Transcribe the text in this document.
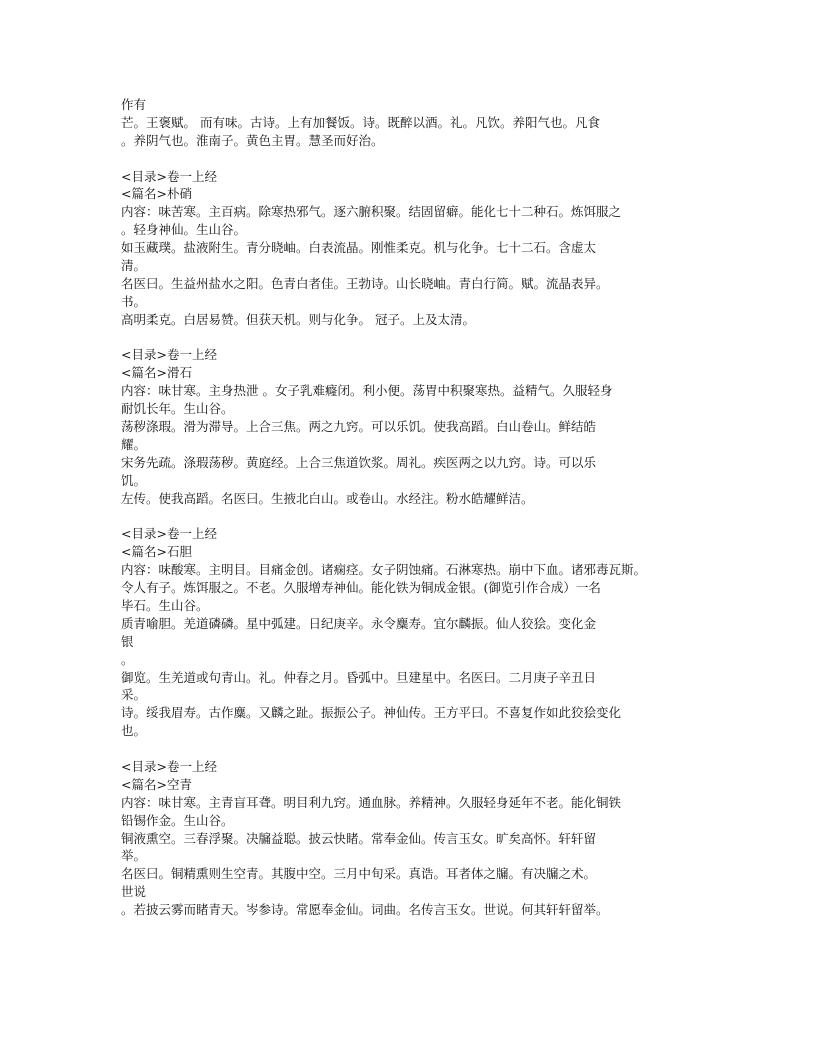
作有
芒。王褒赋。 而有味。古诗。上有加餐饭。诗。既醉以酒。礼。凡饮。养阳气也。凡食
。养阴气也。淮南子。黄色主胃。慧圣而好治。
<目录>卷一上经
<篇名>朴硝
内容：味苦寒。主百病。除寒热邪气。逐六腑积聚。结固留癖。能化七十二种石。炼饵服之
。轻身神仙。生山谷。
如玉藏璞。盐液附生。青分晓岫。白表流晶。刚惟柔克。机与化争。七十二石。含虚太
清。
名医曰。生益州盐水之阳。色青白者佳。王勃诗。山长晓岫。青白行简。赋。流晶表异。
书。
高明柔克。白居易赞。但获天机。则与化争。 冠子。上及太清。
<目录>卷一上经
<篇名>滑石
内容：味甘寒。主身热泄 。女子乳难癃闭。利小便。荡胃中积聚寒热。益精气。久服轻身
耐饥长年。生山谷。
荡秽涤瑕。滑为滞导。上合三焦。两之九窍。可以乐饥。使我高蹈。白山卷山。鲜结皓
耀。
宋务先疏。涤瑕荡秽。黄庭经。上合三焦道饮浆。周礼。疾医两之以九窍。诗。可以乐
饥。
左传。使我高蹈。名医曰。生掖北白山。或卷山。水经注。粉水皓耀鲜洁。
<目录>卷一上经
<篇名>石胆
内容：味酸寒。主明目。目痛金创。诸痫痉。女子阴蚀痛。石淋寒热。崩中下血。诸邪毒瓦斯。
令人有子。炼饵服之。不老。久服增寿神仙。能化铁为铜成金银。(御览引作合成）一名
毕石。生山谷。
质青喻胆。羌道磷磷。星中弧建。日纪庚辛。永令麋寿。宜尔麟振。仙人狡狯。变化金
银
。
御览。生羌道或句青山。礼。仲春之月。昏弧中。旦建星中。名医曰。二月庚子辛丑日
采。
诗。绥我眉寿。古作麋。又麟之趾。振振公子。神仙传。王方平曰。不喜复作如此狡狯变化
也。
<目录>卷一上经
<篇名>空青
内容：味甘寒。主青盲耳聋。明目利九窍。通血脉。养精神。久服轻身延年不老。能化铜铁
铅锡作金。生山谷。
铜液熏空。三春浮聚。决牖益聪。披云快睹。常奉金仙。传言玉女。旷矣高怀。轩轩留
举。
名医曰。铜精熏则生空青。其腹中空。三月中旬采。真诰。耳者体之牖。有决牖之术。
世说
。若披云雾而睹青天。岑参诗。常愿奉金仙。词曲。名传言玉女。世说。何其轩轩留举。
